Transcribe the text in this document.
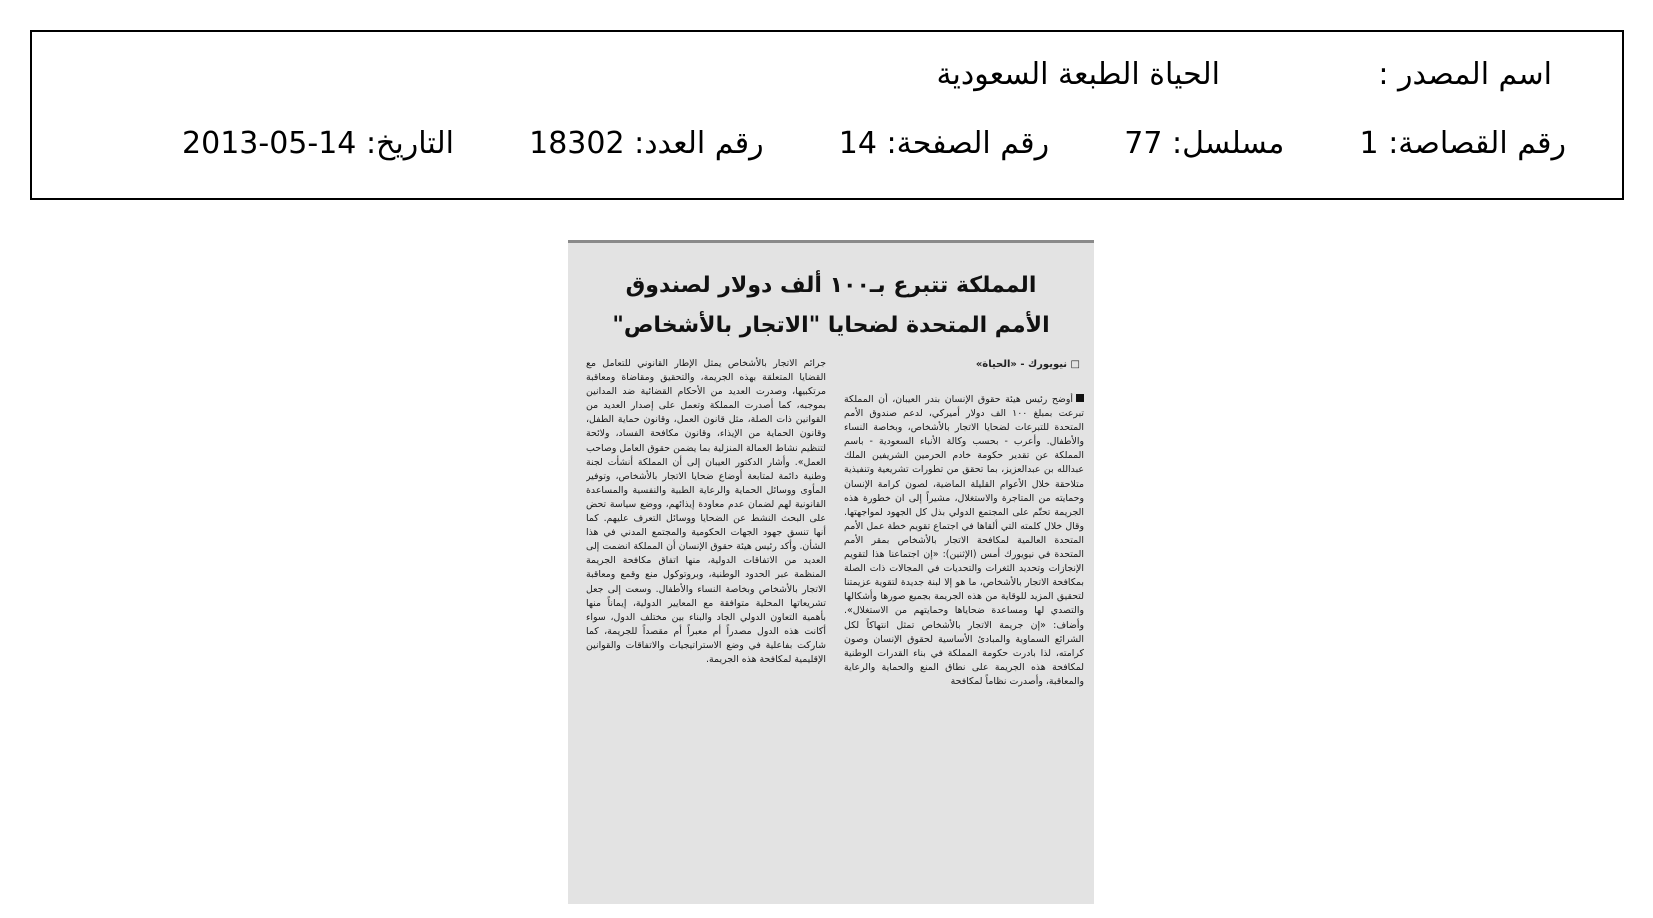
اسم المصدر :
الحياة الطبعة السعودية
التاريخ: 2013-05-14	رقم العدد: 18302	رقم الصفحة: 14	مسلسل: 77	رقم القصاصة: 1
المملكة تتبرع بـ١٠٠ ألف دولار لصندوق
الأمم المتحدة لضحايا "الاتجار بالأشخاص"
□ نيويورك - «الحياة»

أوضح رئيس هيئة حقوق الإنسان بندر العيبان، أن المملكة تبرعت بمبلغ ١٠٠ الف دولار أميركي، لدعم صندوق الأمم المتحدة للتبرعات لضحايا الاتجار بالأشخاص، وبخاصة النساء والأطفال. وأعرب - بحسب وكالة الأنباء السعودية - باسم المملكة عن تقدير حكومة خادم الحرمين الشريفين الملك عبدالله بن عبدالعزيز، بما تحقق من تطورات تشريعية وتنفيذية متلاحقة خلال الأعوام القليلة الماضية، لصون كرامة الإنسان وحمايته من المتاجرة والاستغلال، مشيراً إلى ان خطورة هذه الجريمة تحتّم على المجتمع الدولي بذل كل الجهود لمواجهتها. وقال خلال كلمته التي ألقاها في اجتماع تقويم خطة عمل الأمم المتحدة العالمية لمكافحة الاتجار بالأشخاص بمقر الأمم المتحدة في نيويورك أمس (الإثنين): «إن اجتماعنا هذا لتقويم الإنجازات وتحديد الثغرات والتحديات في المجالات ذات الصلة بمكافحة الاتجار بالأشخاص، ما هو إلا لبنة جديدة لتقوية عزيمتنا لتحقيق المزيد للوقاية من هذه الجريمة بجميع صورها وأشكالها والتصدي لها ومساعدة ضحاياها وحمايتهم من الاستغلال». وأضاف: «إن جريمة الاتجار بالأشخاص تمثل انتهاكاً لكل الشرائع السماوية والمبادئ الأساسية لحقوق الإنسان وصون كرامته، لذا بادرت حكومة المملكة في بناء القدرات الوطنية لمكافحة هذه الجريمة على نطاق المنع والحماية والرعاية والمعاقبة، وأصدرت نظاماً لمكافحة

جرائم الاتجار بالأشخاص يمثل الإطار القانوني للتعامل مع القضايا المتعلقة بهذه الجريمة، والتحقيق ومقاضاة ومعاقبة مرتكبيها، وصدرت العديد من الأحكام القضائية ضد المدانين بموجبه، كما أصدرت المملكة وتعمل على إصدار العديد من القوانين ذات الصلة، مثل قانون العمل، وقانون حماية الطفل، وقانون الحماية من الإيذاء، وقانون مكافحة الفساد، ولائحة لتنظيم نشاط العمالة المنزلية بما يضمن حقوق العامل وصاحب العمل». وأشار الدكتور العيبان إلى أن المملكة أنشأت لجنة وطنية دائمة لمتابعة أوضاع ضحايا الاتجار بالأشخاص، وتوفير المأوى ووسائل الحماية والرعاية الطبية والنفسية والمساعدة القانونية لهم لضمان عدم معاودة إيذائهم، ووضع سياسة تحض على البحث النشط عن الضحايا ووسائل التعرف عليهم. كما أنها تنسق جهود الجهات الحكومية والمجتمع المدني في هذا الشأن. وأكد رئيس هيئة حقوق الإنسان أن المملكة انضمت إلى العديد من الاتفاقات الدولية، منها اتفاق مكافحة الجريمة المنظمة عبر الحدود الوطنية، وبروتوكول منع وقمع ومعاقبة الاتجار بالأشخاص وبخاصة النساء والأطفال. وسعت إلى جعل تشريعاتها المحلية متوافقة مع المعايير الدولية، إيماناً منها بأهمية التعاون الدولي الجاد والبناء بين مختلف الدول، سواء أكانت هذه الدول مصدراً أم معبراً أم مقصداً للجريمة، كما شاركت بفاعلية في وضع الاستراتيجيات والاتفاقات والقوانين الإقليمية لمكافحة هذه الجريمة.
